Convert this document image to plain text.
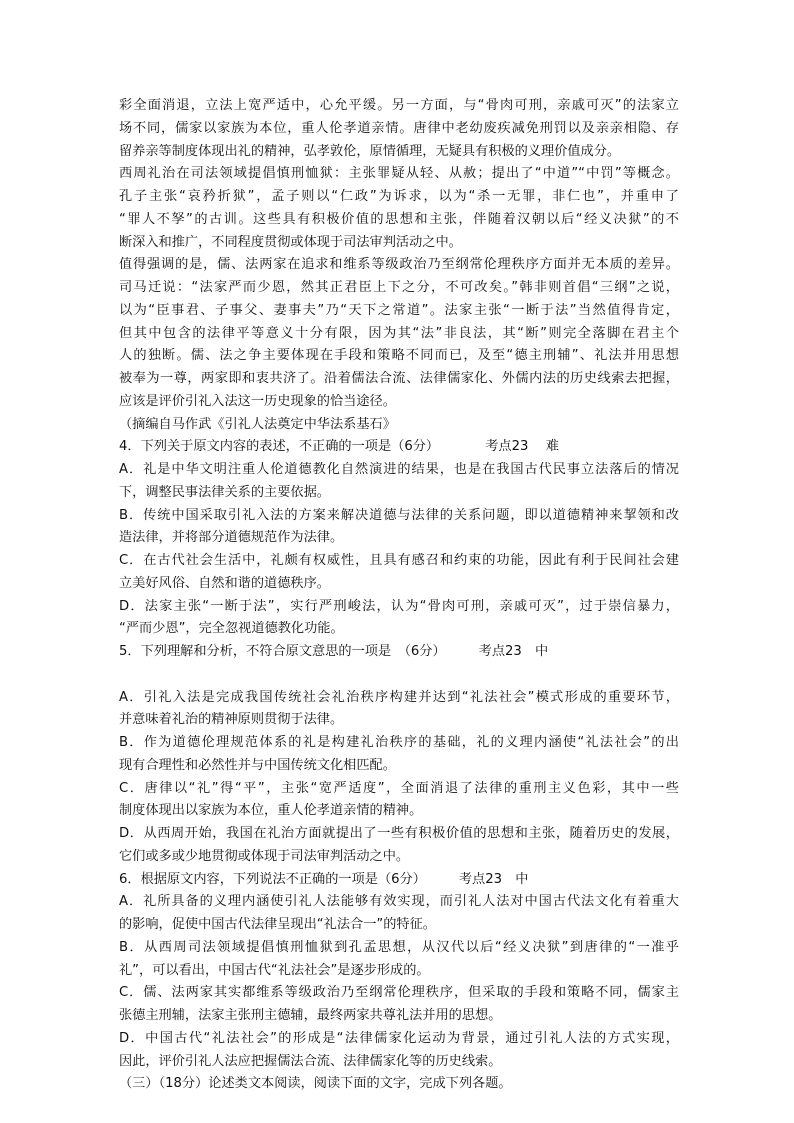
彩全面消退，立法上宽严适中，心允平缓。另一方面，与“骨肉可刑，亲戚可灭”的法家立
场不同，儒家以家族为本位，重人伦孝道亲情。唐律中老幼废疾减免刑罚以及亲亲相隐、存
留养亲等制度体现出礼的精神，弘孝敦伦，原情循理，无疑具有积极的义理价值成分。
西周礼治在司法领域提倡慎刑恤狱：主张罪疑从轻、从赦；提出了“中道”“中罚”等概念。
孔子主张“哀矜折狱”，孟子则以“仁政”为诉求，以为“杀一无罪，非仁也”，并重申了
“罪人不孥”的古训。这些具有积极价值的思想和主张，伴随着汉朝以后“经义决狱”的不
断深入和推广，不同程度贯彻或体现于司法审判活动之中。
值得强调的是，儒、法两家在追求和维系等级政治乃至纲常伦理秩序方面并无本质的差异。
司马迁说：“法家严而少恩，然其正君臣上下之分，不可改矣。”韩非则首倡“三纲”之说，
以为“臣事君、子事父、妻事夫”乃“天下之常道”。法家主张“一断于法”当然值得肯定，
但其中包含的法律平等意义十分有限，因为其“法”非良法，其“断”则完全落脚在君主个
人的独断。儒、法之争主要体现在手段和策略不同而已，及至“德主刑辅”、礼法并用思想
被奉为一尊，两家即和衷共济了。沿着儒法合流、法律儒家化、外儒内法的历史线索去把握，
应该是评价引礼入法这一历史现象的恰当途径。
（摘编自马作武《引礼人法奠定中华法系基石》
4．下列关于原文内容的表述，不正确的一项是（6分）　　　　考点23　 难
A．礼是中华文明注重人伦道德教化自然演进的结果，也是在我国古代民事立法落后的情况
下，调整民事法律关系的主要依据。
B．传统中国采取引礼入法的方案来解决道德与法律的关系问题，即以道德精神来挈领和改
造法律，并将部分道德规范作为法律。
C．在古代社会生活中，礼颇有权威性，且具有感召和约束的功能，因此有利于民间社会建
立美好风俗、自然和谐的道德秩序。
D．法家主张“一断于法”，实行严刑峻法，认为“骨肉可刑，亲戚可灭”，过于崇信暴力，
“严而少恩”，完全忽视道德教化功能。
5．下列理解和分析，不符合原文意思的一项是　（6分）　　　考点23　中
A．引礼入法是完成我国传统社会礼治秩序构建并达到“礼法社会”模式形成的重要环节，
并意味着礼治的精神原则贯彻于法律。
B．作为道德伦理规范体系的礼是构建礼治秩序的基础，礼的义理内涵使“礼法社会”的出
现有合理性和必然性并与中国传统文化相匹配。
C．唐律以“礼”得“平”，主张“宽严适度”，全面消退了法律的重刑主义色彩，其中一些
制度体现出以家族为本位，重人伦孝道亲情的精神。
D．从西周开始，我国在礼治方面就提出了一些有积极价值的思想和主张，随着历史的发展，
它们或多或少地贯彻或体现于司法审判活动之中。
6．根据原文内容，下列说法不正确的一项是（6分）　　　考点23　中
A．礼所具备的义理内涵使引礼人法能够有效实现，而引礼人法对中国古代法文化有着重大
的影响，促使中国古代法律呈现出“礼法合一”的特征。
B．从西周司法领域提倡慎刑恤狱到孔孟思想，从汉代以后“经义决狱”到唐律的“一准乎
礼”，可以看出，中国古代“礼法社会”是逐步形成的。
C．儒、法两家其实都维系等级政治乃至纲常伦理秩序，但采取的手段和策略不同，儒家主
张德主刑辅，法家主张刑主德辅，最终两家共尊礼法并用的思想。
D．中国古代“礼法社会”的形成是“法律儒家化运动为背景，通过引礼人法的方式实现，
因此，评价引礼人法应把握儒法合流、法律儒家化等的历史线索。
（三）（18分）论述类文本阅读，阅读下面的文字，完成下列各题。
